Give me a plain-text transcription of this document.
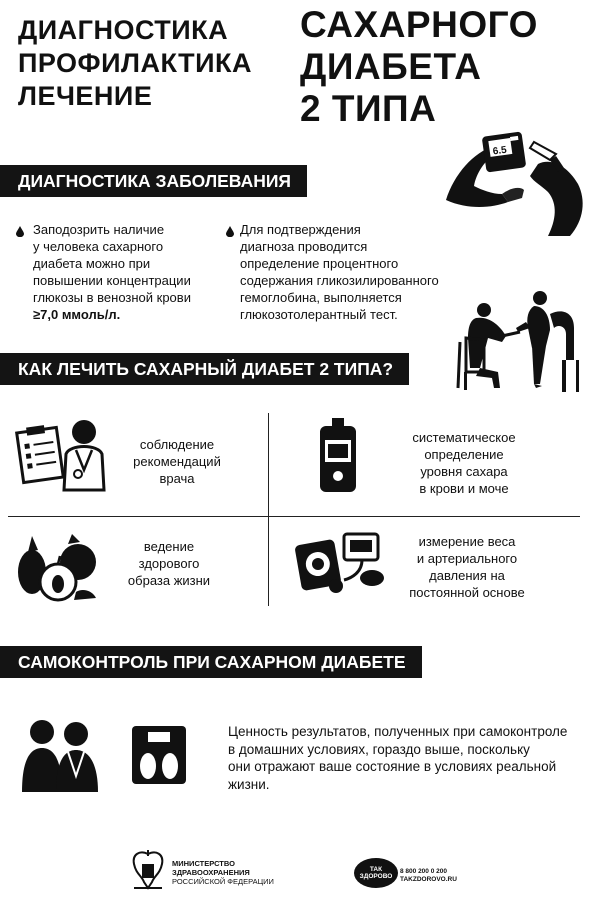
ДИАГНОСТИКА
ПРОФИЛАКТИКА
ЛЕЧЕНИЕ
САХАРНОГО
ДИАБЕТА
2 ТИПА
6.5
ДИАГНОСТИКА ЗАБОЛЕВАНИЯ
Заподозрить наличие
у человека сахарного
диабета можно при
повышении концентрации
глюкозы в венозной крови
≥7,0 ммоль/л.
Для подтверждения
диагноза проводится
определение процентного
содержания гликозилированного
гемоглобина, выполняется
глюкозотолерантный тест.
КАК ЛЕЧИТЬ САХАРНЫЙ ДИАБЕТ 2 ТИПА?
соблюдение
рекомендаций
врача
систематическое
определение
уровня сахара
в крови и моче
ведение
здорового
образа жизни
измерение веса
и артериального
давления на
постоянной основе
САМОКОНТРОЛЬ ПРИ САХАРНОМ ДИАБЕТЕ
Ценность результатов, полученных при самоконтроле
в домашних условиях, гораздо выше, поскольку
они отражают ваше состояние в условиях реальной
жизни.
МИНИСТЕРСТВО
ЗДРАВООХРАНЕНИЯ
РОССИЙСКОЙ ФЕДЕРАЦИИ
ТАК
ЗДОРОВО
8 800 200 0 200
TAKZDOROVO.RU
